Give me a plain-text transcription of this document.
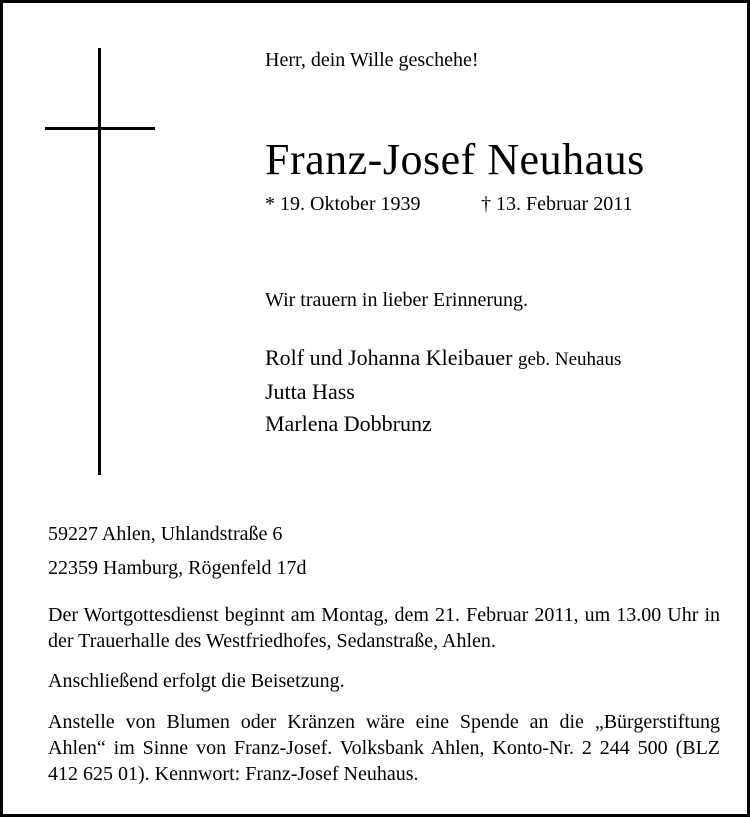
Herr, dein Wille geschehe!

Franz-Josef Neuhaus

* 19. Oktober 1939	† 13. Februar 2011

Wir trauern in lieber Erinnerung.

Rolf und Johanna Kleibauer geb. Neuhaus
Jutta Hass
Marlena Dobbrunz

59227 Ahlen, Uhlandstraße 6

22359 Hamburg, Rögenfeld 17d

Der Wortgottesdienst beginnt am Montag, dem 21. Februar 2011, um 13.00 Uhr in der Trauerhalle des Westfriedhofes, Sedanstraße, Ahlen.

Anschließend erfolgt die Beisetzung.

Anstelle von Blumen oder Kränzen wäre eine Spende an die „Bürgerstiftung Ahlen“ im Sinne von Franz-Josef. Volksbank Ahlen, Konto-Nr. 2 244 500 (BLZ 412 625 01). Kennwort: Franz-Josef Neuhaus.
